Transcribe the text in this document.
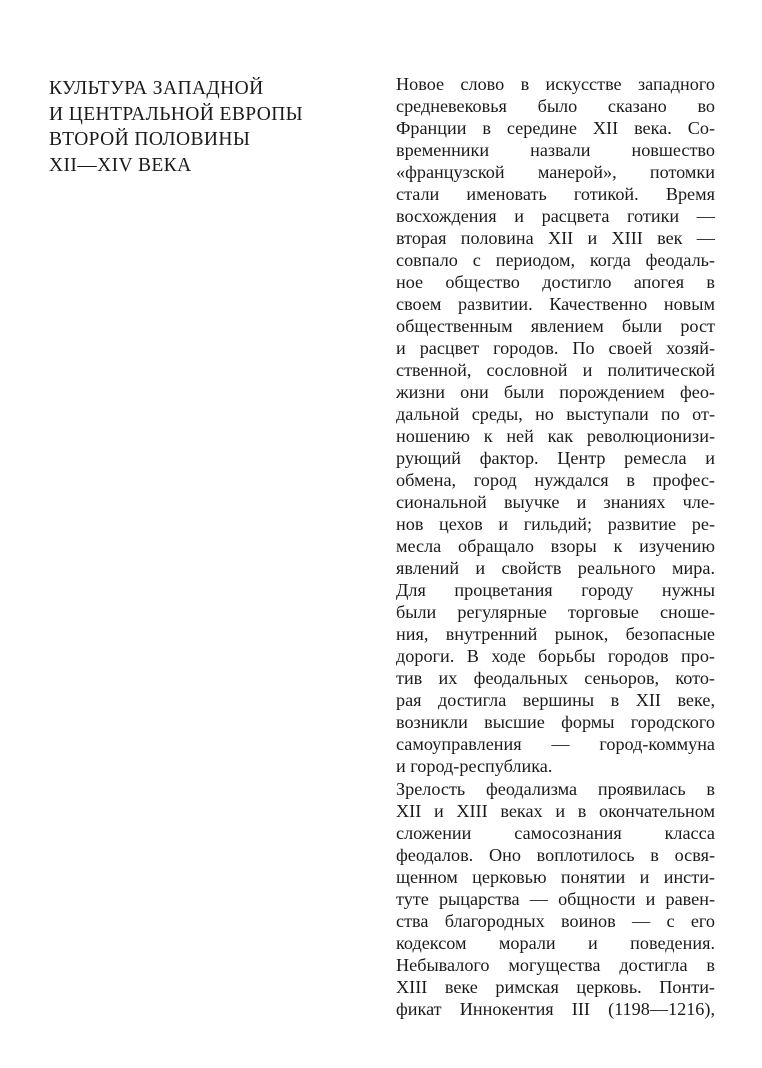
КУЛЬТУРА ЗАПАДНОЙ
И ЦЕНТРАЛЬНОЙ ЕВРОПЫ
ВТОРОЙ ПОЛОВИНЫ
XII—XIV ВЕКА
Новое слово в искусстве западного
средневековья было сказано во
Франции в середине XII века. Со-
временники назвали новшество
«французской манерой», потомки
стали именовать готикой. Время
восхождения и расцвета готики —
вторая половина XII и XIII век —
совпало с периодом, когда феодаль-
ное общество достигло апогея в
своем развитии. Качественно новым
общественным явлением были рост
и расцвет городов. По своей хозяй-
ственной, сословной и политической
жизни они были порождением фео-
дальной среды, но выступали по от-
ношению к ней как революционизи-
рующий фактор. Центр ремесла и
обмена, город нуждался в профес-
сиональной выучке и знаниях чле-
нов цехов и гильдий; развитие ре-
месла обращало взоры к изучению
явлений и свойств реального мира.
Для процветания городу нужны
были регулярные торговые сноше-
ния, внутренний рынок, безопасные
дороги. В ходе борьбы городов про-
тив их феодальных сеньоров, кото-
рая достигла вершины в XII веке,
возникли высшие формы городского
самоуправления — город-коммуна
и город-республика.
Зрелость феодализма проявилась в
XII и XIII веках и в окончательном
сложении самосознания класса
феодалов. Оно воплотилось в освя-
щенном церковью понятии и инсти-
туте рыцарства — общности и равен-
ства благородных воинов — с его
кодексом морали и поведения.
Небывалого могущества достигла в
XIII веке римская церковь. Понти-
фикат Иннокентия III (1198—1216),
